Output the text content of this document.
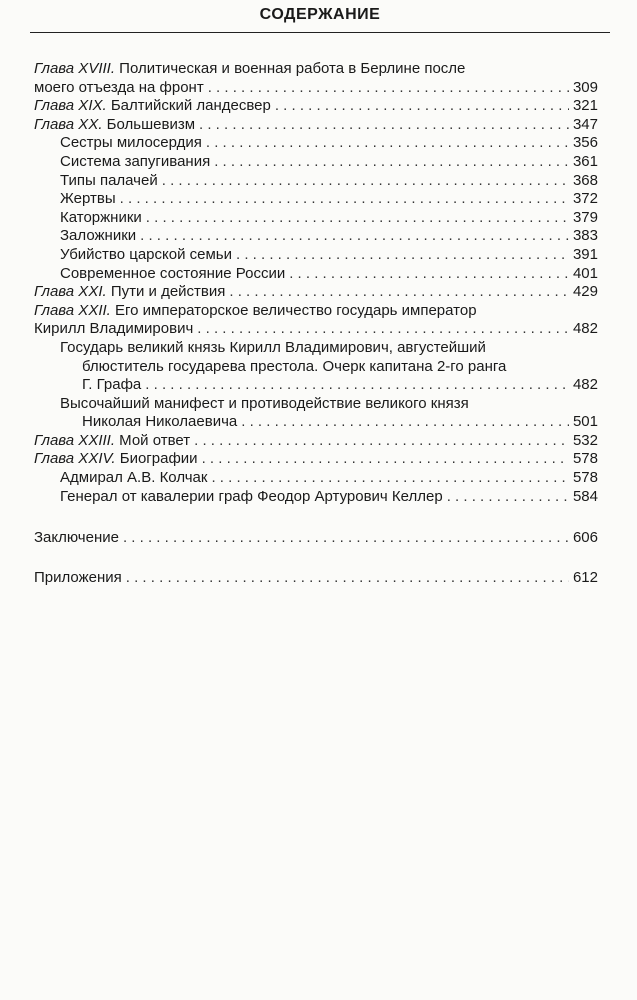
СОДЕРЖАНИЕ
Глава XVIII. Политическая и военная работа в Берлине после
моего отъезда на фронт . . .	309
Глава XIX. Балтийский ландесвер . . .	321
Глава XX. Большевизм . . .	347
Сестры милосердия . . .	356
Система запугивания . . .	361
Типы палачей . . .	368
Жертвы . . .	372
Каторжники . . .	379
Заложники . . .	383
Убийство царской семьи . . .	391
Современное состояние России . . .	401
Глава XXI. Пути и действия . . .	429
Глава XXII. Его императорское величество государь император
Кирилл Владимирович . . .	482
Государь великий князь Кирилл Владимирович, августейший
блюститель государева престола. Очерк капитана 2-го ранга
Г. Графа . . .	482
Высочайший манифест и противодействие великого князя
Николая Николаевича . . .	501
Глава XXIII. Мой ответ . . .	532
Глава XXIV. Биографии . . .	578
Адмирал А.В. Колчак . . .	578
Генерал от кавалерии граф Феодор Артурович Келлер . . .	584
Заключение . . .	606
Приложения . . .	612
